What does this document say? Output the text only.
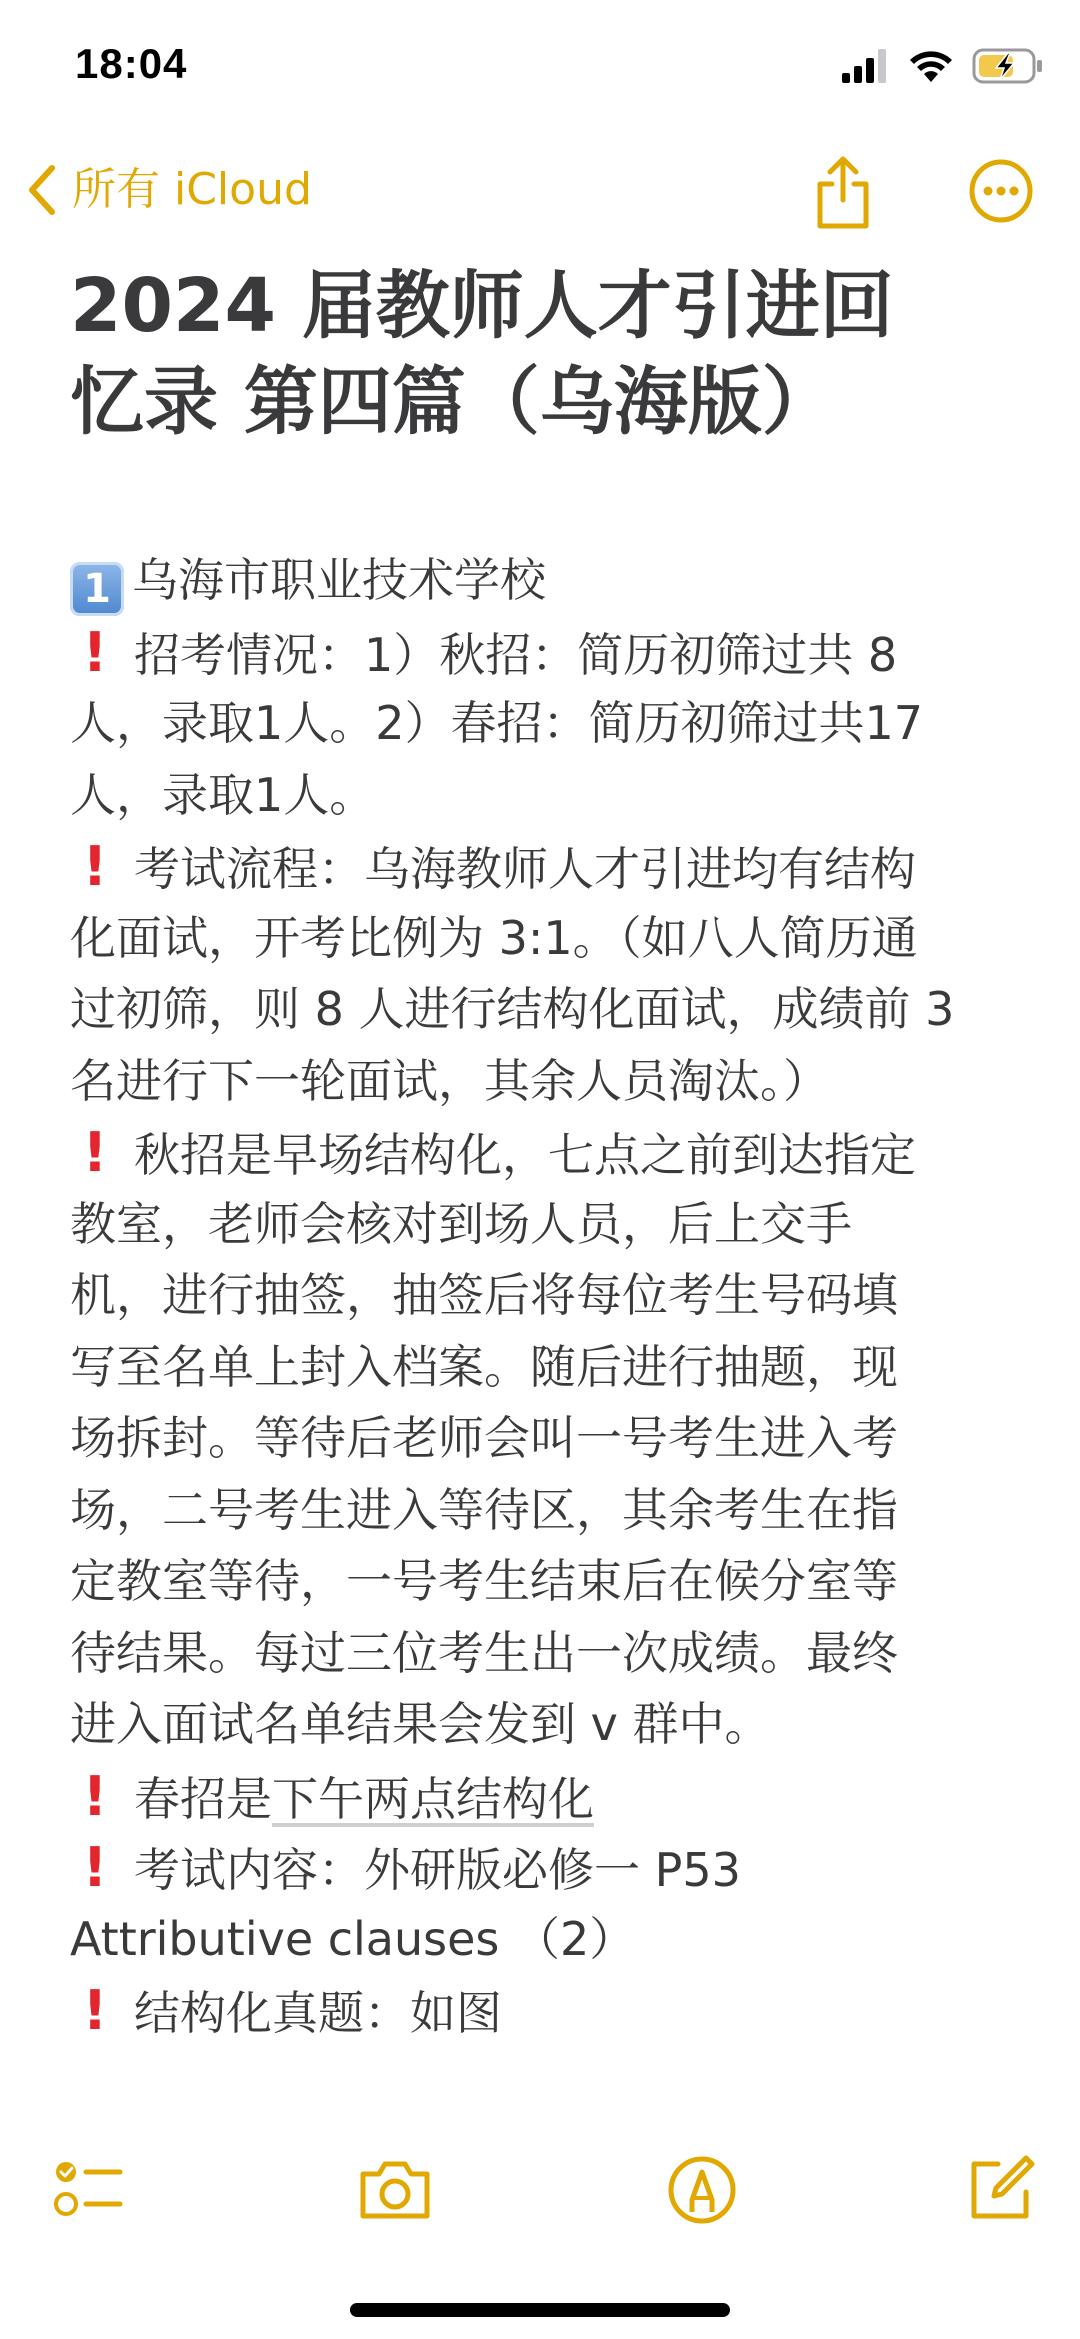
18:04
所有 iCloud
2024 届教师人才引进回
忆录 第四篇（乌海版）
1 乌海市职业技术学校
! 招考情况：1）秋招：简历初筛过共 8
人，录取1人。2）春招：简历初筛过共17
人，录取1人。
! 考试流程：乌海教师人才引进均有结构
化面试，开考比例为 3:1。（如八人简历通
过初筛，则 8 人进行结构化面试，成绩前 3
名进行下一轮面试，其余人员淘汰。）
! 秋招是早场结构化，七点之前到达指定
教室，老师会核对到场人员，后上交手
机，进行抽签，抽签后将每位考生号码填
写至名单上封入档案。随后进行抽题，现
场拆封。等待后老师会叫一号考生进入考
场，二号考生进入等待区，其余考生在指
定教室等待，一号考生结束后在候分室等
待结果。每过三位考生出一次成绩。最终
进入面试名单结果会发到 v 群中。
! 春招是下午两点结构化
! 考试内容：外研版必修一 P53
Attributive clauses （2）
! 结构化真题：如图
